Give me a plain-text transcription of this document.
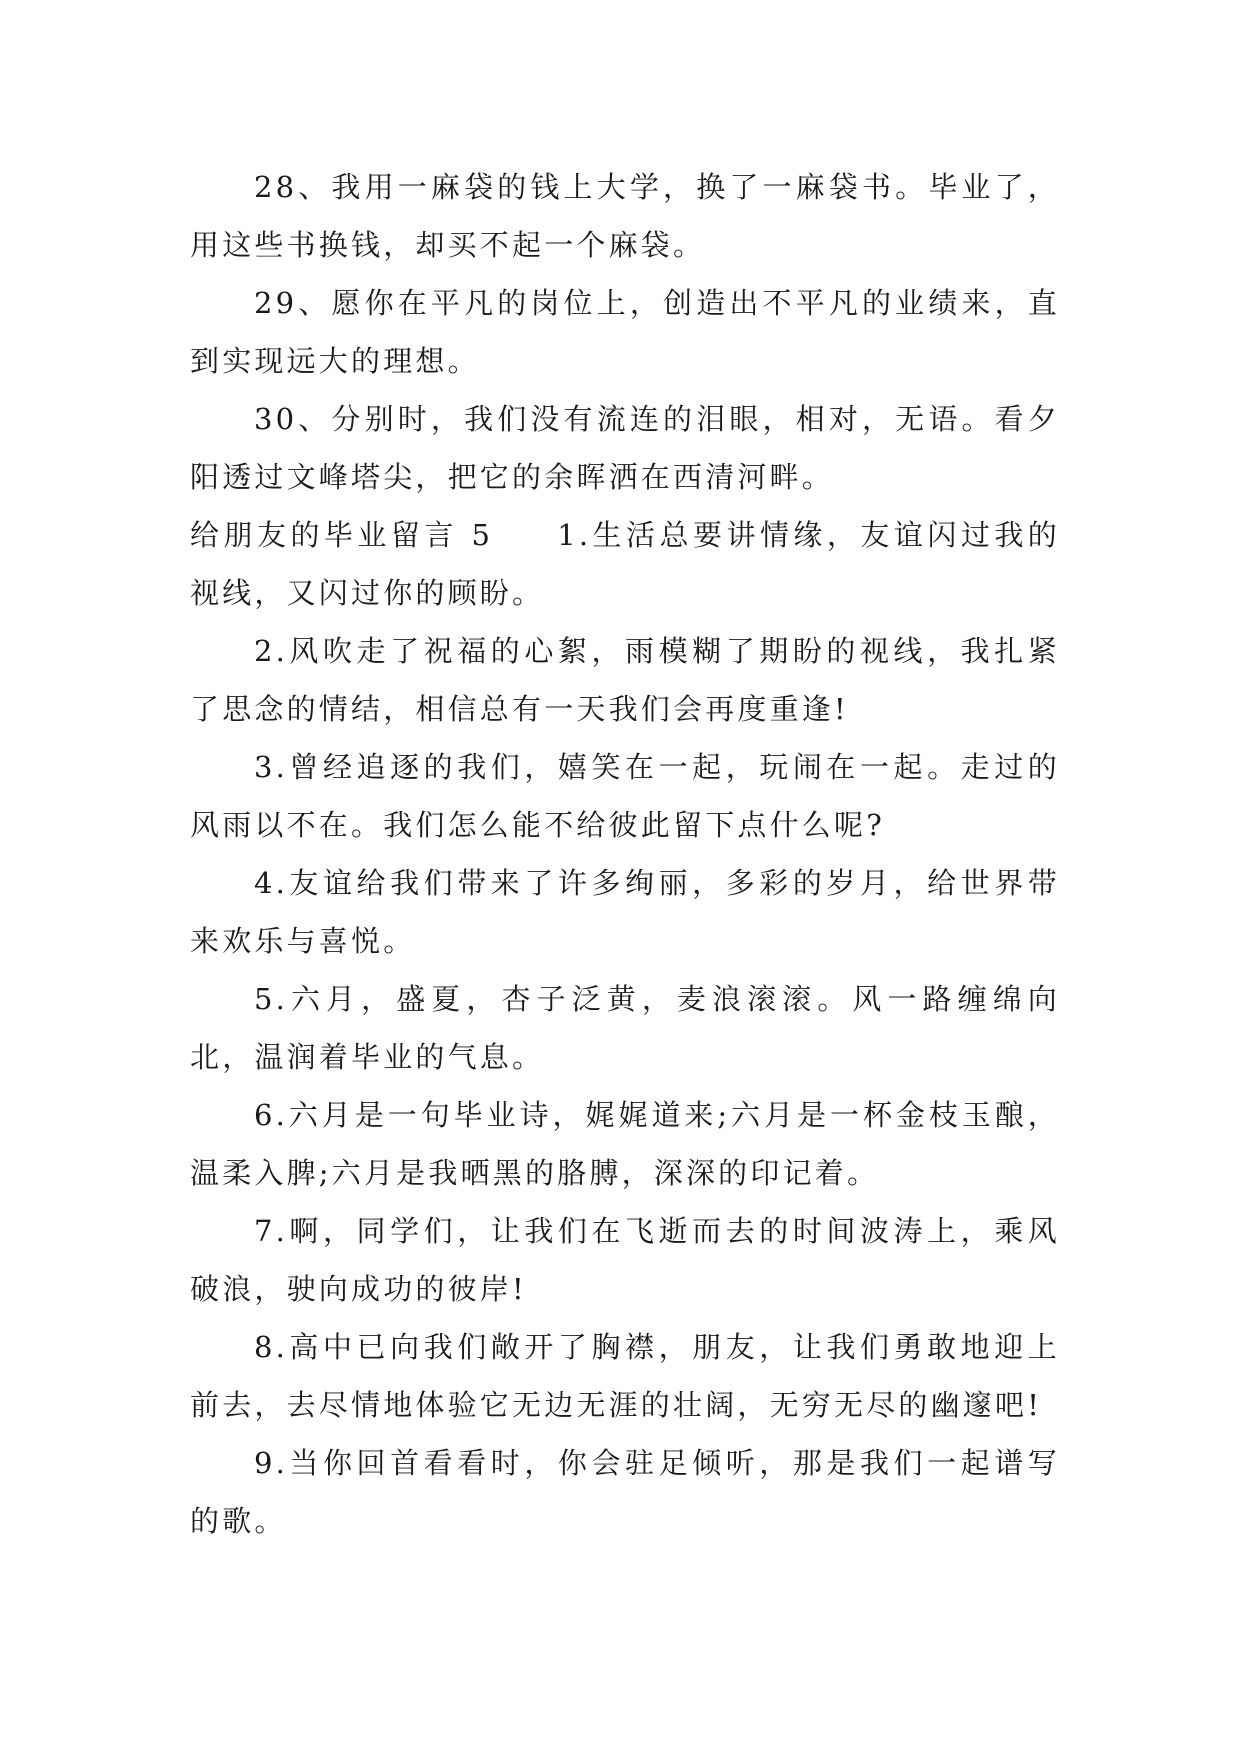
28、我用一麻袋的钱上大学，换了一麻袋书。毕业了，用这些书换钱，却买不起一个麻袋。

29、愿你在平凡的岗位上，创造出不平凡的业绩来，直到实现远大的理想。

30、分别时，我们没有流连的泪眼，相对，无语。看夕阳透过文峰塔尖，把它的余晖洒在西清河畔。

给朋友的毕业留言 5 1.生活总要讲情缘，友谊闪过我的视线，又闪过你的顾盼。

2.风吹走了祝福的心絮，雨模糊了期盼的视线，我扎紧了思念的情结，相信总有一天我们会再度重逢!

3.曾经追逐的我们，嬉笑在一起，玩闹在一起。走过的风雨以不在。我们怎么能不给彼此留下点什么呢?

4.友谊给我们带来了许多绚丽，多彩的岁月，给世界带来欢乐与喜悦。

5.六月，盛夏，杏子泛黄，麦浪滚滚。风一路缠绵向北，温润着毕业的气息。

6.六月是一句毕业诗，娓娓道来;六月是一杯金枝玉酿，温柔入脾;六月是我晒黑的胳膊，深深的印记着。

7.啊，同学们，让我们在飞逝而去的时间波涛上，乘风破浪，驶向成功的彼岸!

8.高中已向我们敞开了胸襟，朋友，让我们勇敢地迎上前去，去尽情地体验它无边无涯的壮阔，无穷无尽的幽邃吧!

9.当你回首看看时，你会驻足倾听，那是我们一起谱写的歌。
